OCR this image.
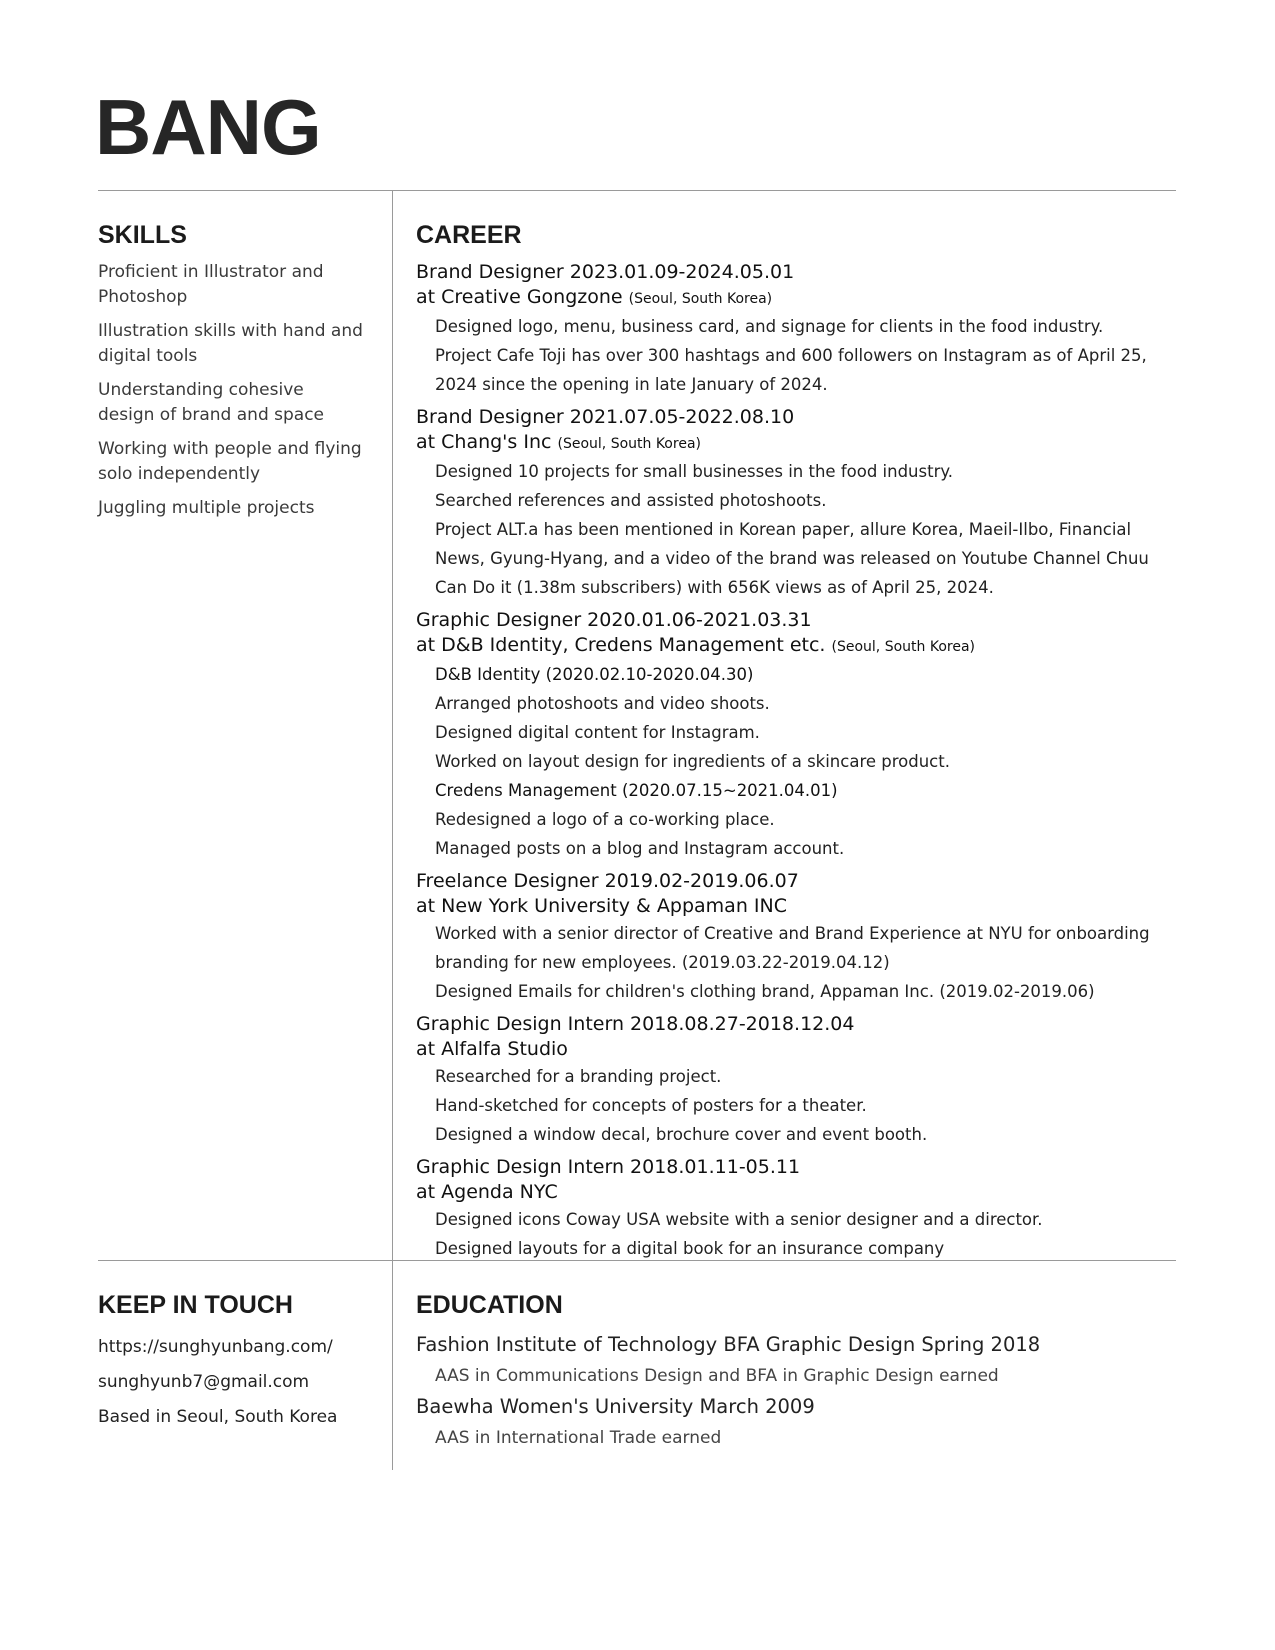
BANG
SKILLS
Proficient in Illustrator and Photoshop
Illustration skills with hand and digital tools
Understanding cohesive design of brand and space
Working with people and flying solo independently
Juggling multiple projects
CAREER
Brand Designer 2023.01.09-2024.05.01
at Creative Gongzone (Seoul, South Korea)
Designed logo, menu, business card, and signage for clients in the food industry.
Project Cafe Toji has over 300 hashtags and 600 followers on Instagram as of April 25,
2024 since the opening in late January of 2024.
Brand Designer 2021.07.05-2022.08.10
at Chang's Inc (Seoul, South Korea)
Designed 10 projects for small businesses in the food industry.
Searched references and assisted photoshoots.
Project ALT.a has been mentioned in Korean paper, allure Korea, Maeil-Ilbo, Financial
News, Gyung-Hyang, and a video of the brand was released on Youtube Channel Chuu
Can Do it (1.38m subscribers) with 656K views as of April 25, 2024.
Graphic Designer 2020.01.06-2021.03.31
at D&B Identity, Credens Management etc. (Seoul, South Korea)
D&B Identity (2020.02.10-2020.04.30)
Arranged photoshoots and video shoots.
Designed digital content for Instagram.
Worked on layout design for ingredients of a skincare product.
Credens Management (2020.07.15~2021.04.01)
Redesigned a logo of a co-working place.
Managed posts on a blog and Instagram account.
Freelance Designer 2019.02-2019.06.07
at New York University & Appaman INC
Worked with a senior director of Creative and Brand Experience at NYU for onboarding
branding for new employees. (2019.03.22-2019.04.12)
Designed Emails for children's clothing brand, Appaman Inc. (2019.02-2019.06)
Graphic Design Intern 2018.08.27-2018.12.04
at Alfalfa Studio
Researched for a branding project.
Hand-sketched for concepts of posters for a theater.
Designed a window decal, brochure cover and event booth.
Graphic Design Intern 2018.01.11-05.11
at Agenda NYC
Designed icons Coway USA website with a senior designer and a director.
Designed layouts for a digital book for an insurance company
KEEP IN TOUCH
https://sunghyunbang.com/
sunghyunb7@gmail.com
Based in Seoul, South Korea
EDUCATION
Fashion Institute of Technology BFA Graphic Design Spring 2018
AAS in Communications Design and BFA in Graphic Design earned
Baewha Women's University March 2009
AAS in International Trade earned
